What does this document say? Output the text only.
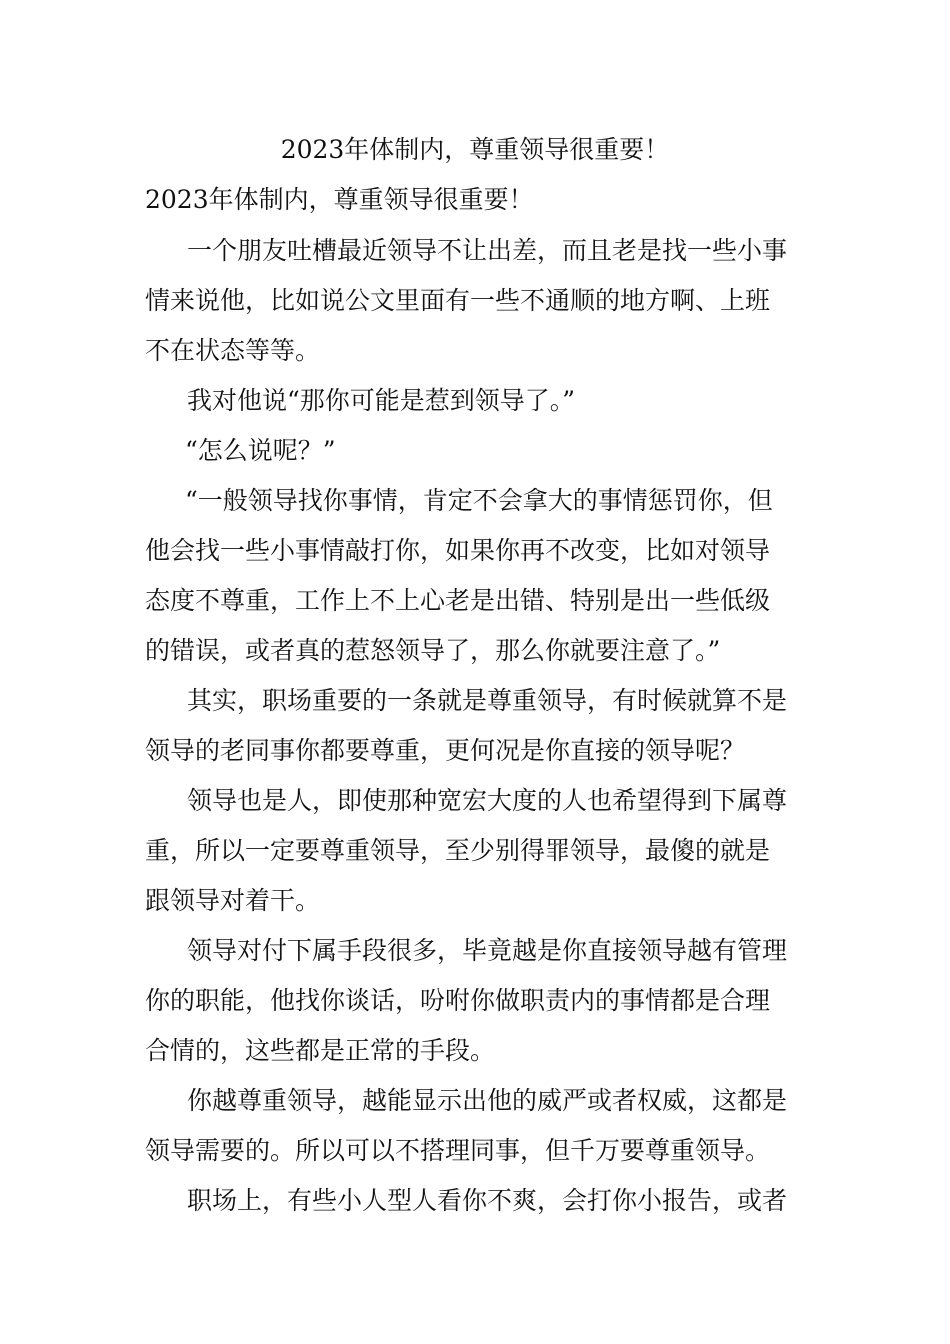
2023年体制内，尊重领导很重要！
2023年体制内，尊重领导很重要！
一个朋友吐槽最近领导不让出差，而且老是找一些小事
情来说他，比如说公文里面有一些不通顺的地方啊、上班
不在状态等等。
我对他说“那你可能是惹到领导了。”
“怎么说呢？”
“一般领导找你事情，肯定不会拿大的事情惩罚你，但
他会找一些小事情敲打你，如果你再不改变，比如对领导
态度不尊重，工作上不上心老是出错、特别是出一些低级
的错误，或者真的惹怒领导了，那么你就要注意了。”
其实，职场重要的一条就是尊重领导，有时候就算不是
领导的老同事你都要尊重，更何况是你直接的领导呢？
领导也是人，即使那种宽宏大度的人也希望得到下属尊
重，所以一定要尊重领导，至少别得罪领导，最傻的就是
跟领导对着干。
领导对付下属手段很多，毕竟越是你直接领导越有管理
你的职能，他找你谈话，吩咐你做职责内的事情都是合理
合情的，这些都是正常的手段。
你越尊重领导，越能显示出他的威严或者权威，这都是
领导需要的。所以可以不搭理同事，但千万要尊重领导。
职场上，有些小人型人看你不爽，会打你小报告，或者
